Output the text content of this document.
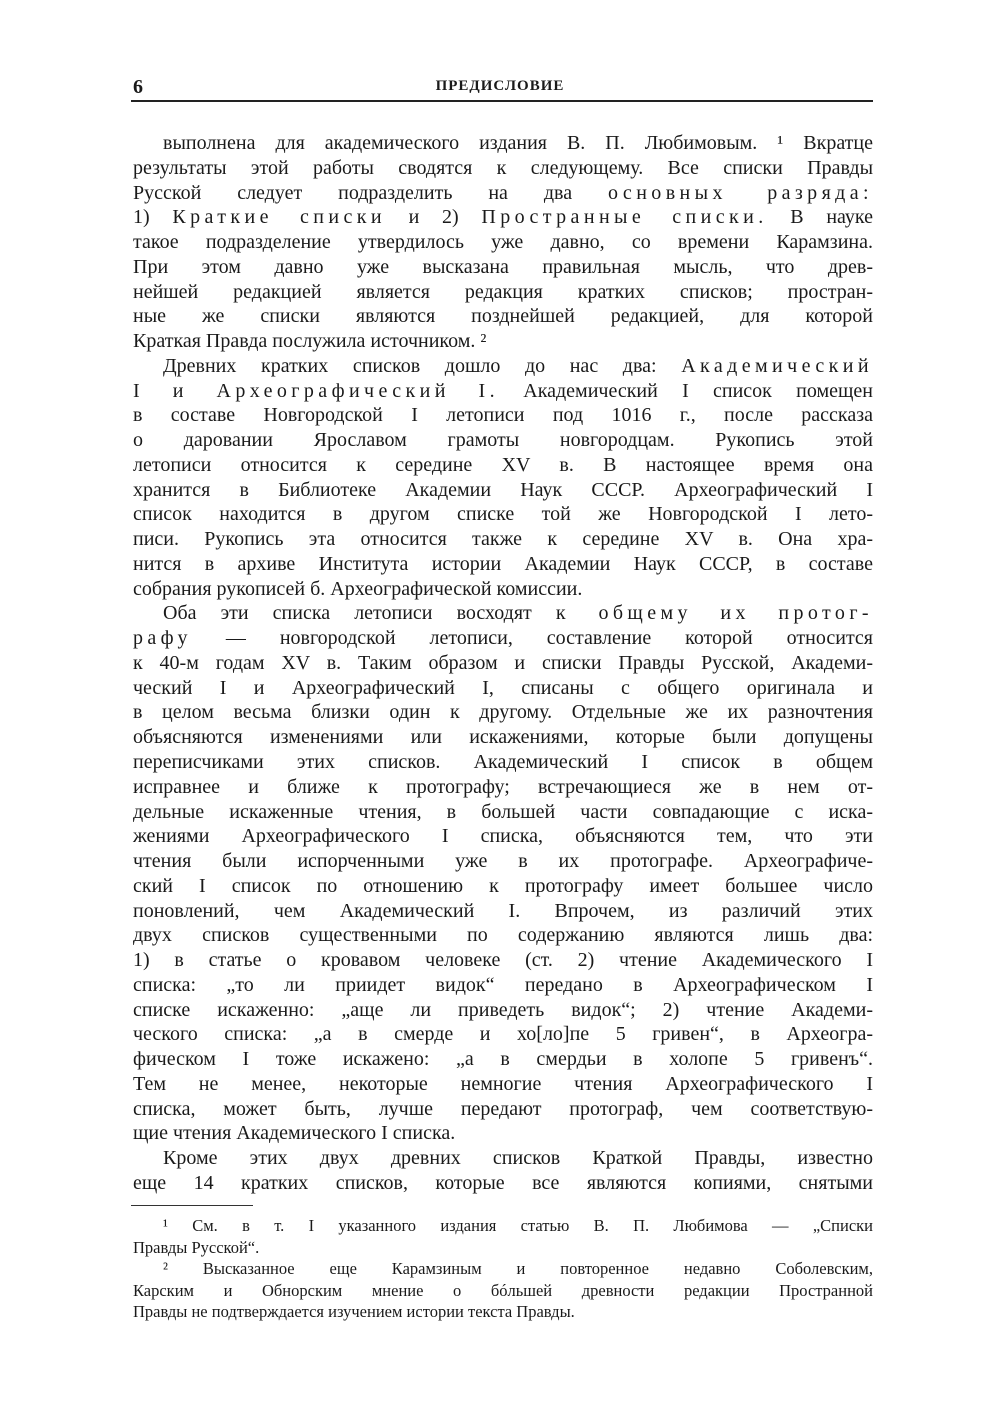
6	ПРЕДИСЛОВИЕ
выполнена для академического издания В. П. Любимовым. ¹ Вкратце
результаты этой работы сводятся к следующему. Все списки Правды
Русской следует подразделить на два основных разряда:
1) Краткие списки и 2) Пространные списки. В науке
такое подразделение утвердилось уже давно, со времени Карамзина.
При этом давно уже высказана правильная мысль, что древ-
нейшей редакцией является редакция кратких списков; простран-
ные же списки являются позднейшей редакцией, для которой
Краткая Правда послужила источником. ²
Древних кратких списков дошло до нас два: Академический
I и Археографический I. Академический I список помещен
в составе Новгородской I летописи под 1016 г., после рассказа
о даровании Ярославом грамоты новгородцам. Рукопись этой
летописи относится к середине XV в. В настоящее время она
хранится в Библиотеке Академии Наук СССР. Археографический I
список находится в другом списке той же Новгородской I лето-
писи. Рукопись эта относится также к середине XV в. Она хра-
нится в архиве Института истории Академии Наук СССР, в составе
собрания рукописей б. Археографической комиссии.
Оба эти списка летописи восходят к общему их протог-
рафу — новгородской летописи, составление которой относится
к 40-м годам XV в. Таким образом и списки Правды Русской, Академи-
ческий I и Археографический I, списаны с общего оригинала и
в целом весьма близки один к другому. Отдельные же их разночтения
объясняются изменениями или искажениями, которые были допущены
переписчиками этих списков. Академический I список в общем
исправнее и ближе к протографу; встречающиеся же в нем от-
дельные искаженные чтения, в большей части совпадающие с иска-
жениями Археографического I списка, объясняются тем, что эти
чтения были испорченными уже в их протографе. Археографиче-
ский I список по отношению к протографу имеет большее число
поновлений, чем Академический I. Впрочем, из различий этих
двух списков существенными по содержанию являются лишь два:
1) в статье о кровавом человеке (ст. 2) чтение Академического I
списка: „то ли приидет видок“ передано в Археографическом I
списке искаженно: „аще ли приведеть видок“; 2) чтение Академи-
ческого списка: „а в смерде и хо[ло]пе 5 гривен“, в Археогра-
фическом I тоже искажено: „а в смердьи в холопе 5 гривенъ“.
Тем не менее, некоторые немногие чтения Археографического I
списка, может быть, лучше передают протограф, чем соответствую-
щие чтения Академического I списка.
Кроме этих двух древних списков Краткой Правды, известно
еще 14 кратких списков, которые все являются копиями, снятыми
¹ См. в т. I указанного издания статью В. П. Любимова — „Списки
Правды Русской“.
² Высказанное еще Карамзиным и повторенное недавно Соболевским,
Карским и Обнорским мнение о бóльшей древности редакции Пространной
Правды не подтверждается изучением истории текста Правды.
